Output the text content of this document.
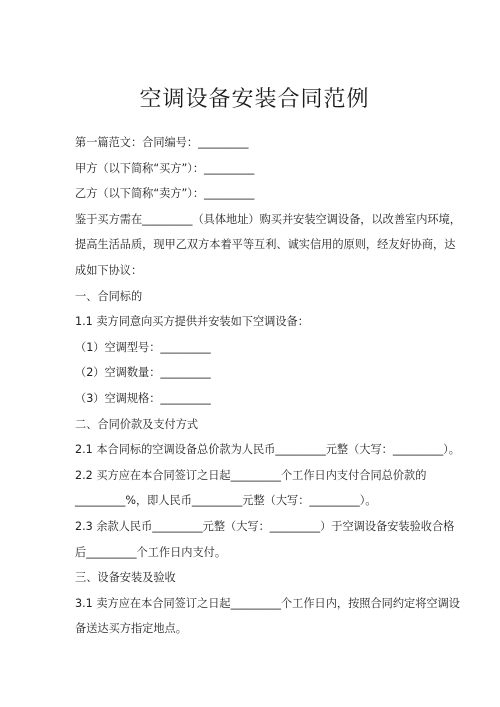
空调设备安装合同范例

第一篇范文：合同编号：_________

甲方（以下简称“买方”）：_________

乙方（以下简称“卖方”）：_________

鉴于买方需在_________（具体地址）购买并安装空调设备，以改善室内环境，

提高生活品质，现甲乙双方本着平等互利、诚实信用的原则，经友好协商，达

成如下协议：

一、合同标的

1.1 卖方同意向买方提供并安装如下空调设备：

（1）空调型号：_________

（2）空调数量：_________

（3）空调规格：_________

二、合同价款及支付方式

2.1 本合同标的空调设备总价款为人民币_________元整（大写：_________）。

2.2 买方应在本合同签订之日起_________个工作日内支付合同总价款的

_________%，即人民币_________元整（大写：_________）。

2.3 余款人民币_________元整（大写：_________）于空调设备安装验收合格

后_________个工作日内支付。

三、设备安装及验收

3.1 卖方应在本合同签订之日起_________个工作日内，按照合同约定将空调设

备送达买方指定地点。
